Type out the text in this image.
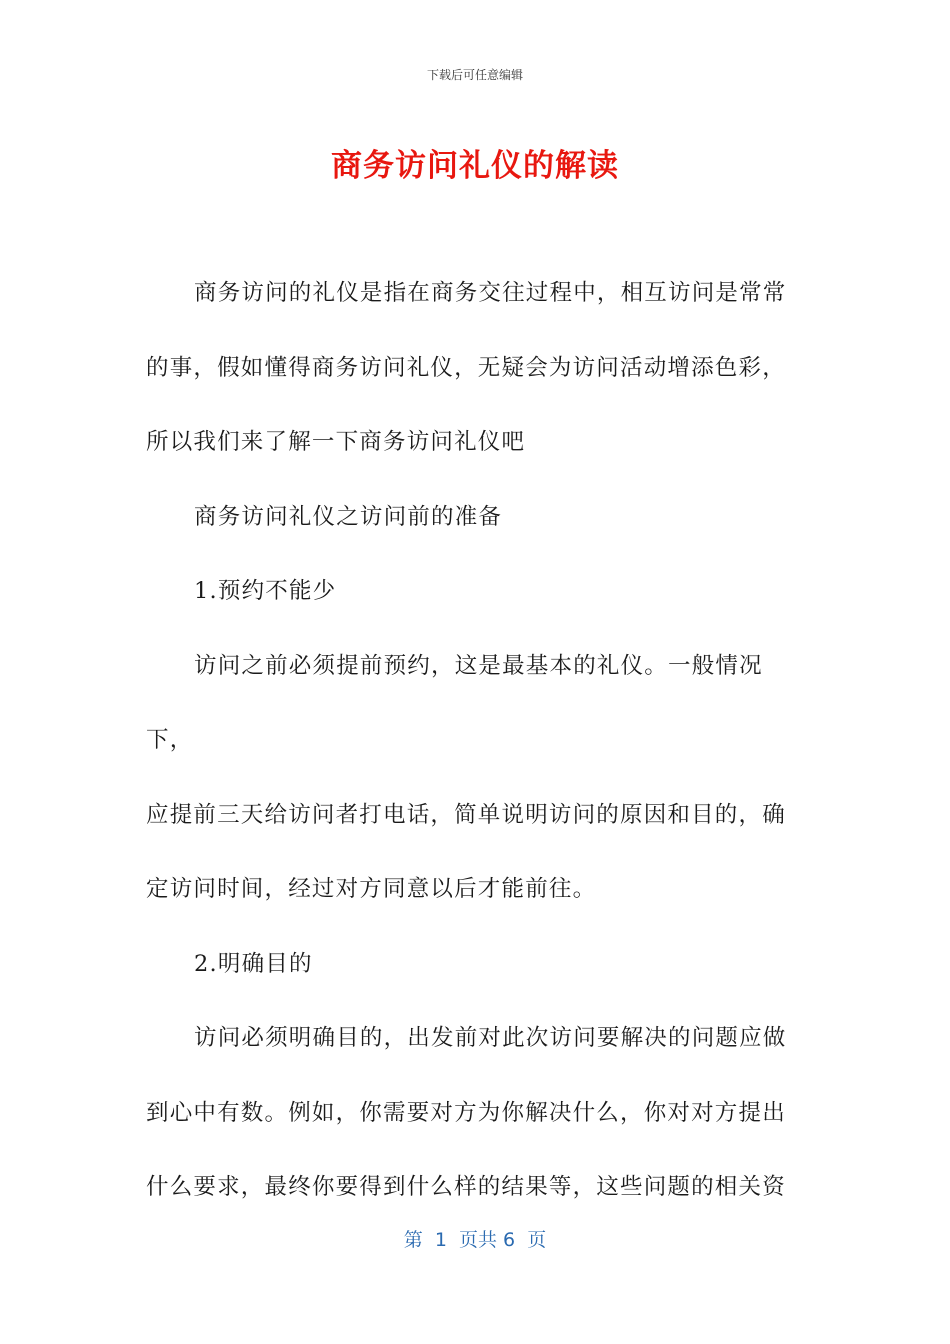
下载后可任意编辑
商务访问礼仪的解读

商务访问的礼仪是指在商务交往过程中，相互访问是常常

的事，假如懂得商务访问礼仪，无疑会为访问活动增添色彩，

所以我们来了解一下商务访问礼仪吧

商务访问礼仪之访问前的准备

1.预约不能少

访问之前必须提前预约，这是最基本的礼仪。一般情况下，

应提前三天给访问者打电话，简单说明访问的原因和目的，确

定访问时间，经过对方同意以后才能前往。

2.明确目的

访问必须明确目的，出发前对此次访问要解决的问题应做

到心中有数。例如，你需要对方为你解决什么，你对对方提出

什么要求，最终你要得到什么样的结果等，这些问题的相关资

第  1  页共 6  页
